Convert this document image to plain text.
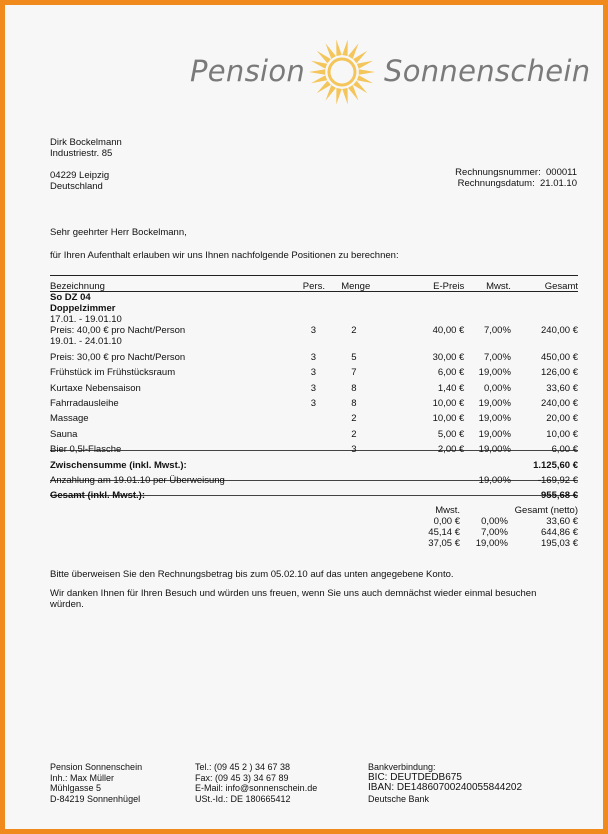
Pension	Sonnenschein
Dirk Bockelmann
Industriestr. 85
04229 Leipzig
Deutschland
Rechnungsnummer: 000011
Rechnungsdatum: 21.01.10
Sehr geehrter Herr Bockelmann,
für Ihren Aufenthalt erlauben wir uns Ihnen nachfolgende Positionen zu berechnen:
Bezeichnung	Pers.	Menge	E-Preis	Mwst.	Gesamt
So DZ 04					
Doppelzimmer					
17.01. - 19.01.10					
Preis: 40,00 € pro Nacht/Person	3	2	40,00 €	7,00%	240,00 €
19.01. - 24.01.10					
Preis: 30,00 € pro Nacht/Person	3	5	30,00 €	7,00%	450,00 €
Frühstück im Frühstücksraum	3	7	6,00 €	19,00%	126,00 €
Kurtaxe Nebensaison	3	8	1,40 €	0,00%	33,60 €
Fahrradausleihe	3	8	10,00 €	19,00%	240,00 €
Massage		2	10,00 €	19,00%	20,00 €
Sauna		2	5,00 €	19,00%	10,00 €
Bier 0,5l-Flasche		3	2,00 €	19,00%	6,00 €
Zwischensumme (inkl. Mwst.):					1.125,60 €
Anzahlung am 19.01.10 per Überweisung				19,00%	-169,92 €
Gesamt (inkl. Mwst.):					955,68 €
Mwst.		Gesamt (netto)
0,00 €	0,00%	33,60 €
45,14 €	7,00%	644,86 €
37,05 €	19,00%	195,03 €
Bitte überweisen Sie den Rechnungsbetrag bis zum 05.02.10 auf das unten angegebene Konto.
Wir danken Ihnen für Ihren Besuch und würden uns freuen, wenn Sie uns auch demnächst wieder einmal besuchen würden.
Pension Sonnenschein
Inh.: Max Müller
Mühlgasse 5
D-84219 Sonnenhügel
Tel.: (09 45 2 ) 34 67 38
Fax: (09 45 3) 34 67 89
E-Mail: info@sonnenschein.de
USt.-Id.: DE 180665412
Bankverbindung:
BIC: DEUTDEDB675
IBAN: DE14860700240055844202
Deutsche Bank
